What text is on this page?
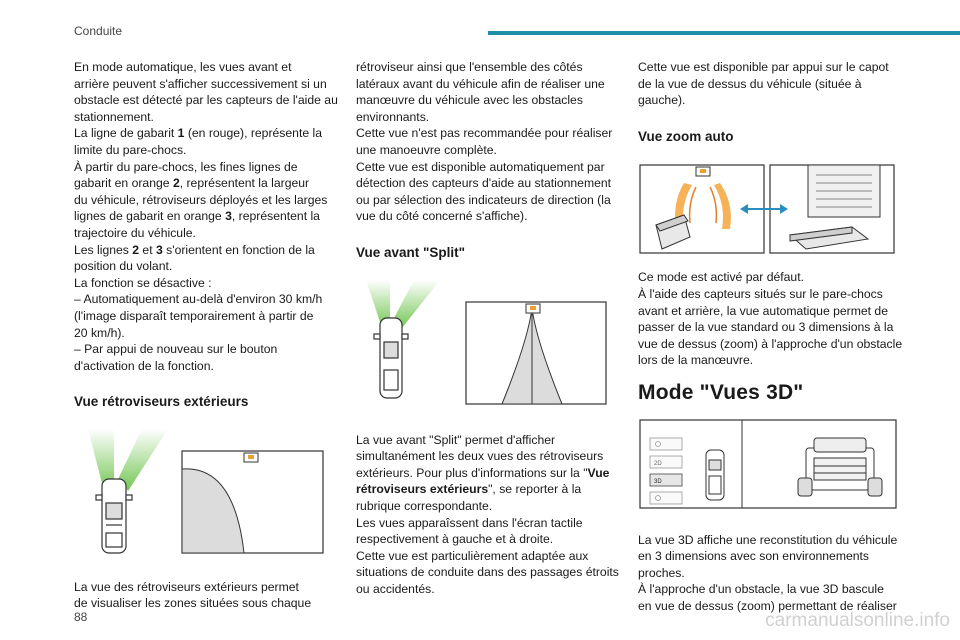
Conduite

En mode automatique, les vues avant et

arrière peuvent s'afficher successivement si un

obstacle est détecté par les capteurs de l'aide au

stationnement.

La ligne de gabarit 1 (en rouge), représente la

limite du pare-chocs.

À partir du pare-chocs, les fines lignes de

gabarit en orange 2, représentent la largeur

du véhicule, rétroviseurs déployés et les larges

lignes de gabarit en orange 3, représentent la

trajectoire du véhicule.

Les lignes 2 et 3 s'orientent en fonction de la

position du volant.

La fonction se désactive :

– Automatiquement au-delà d'environ 30 km/h

(l'image disparaît temporairement à partir de

20 km/h).

– Par appui de nouveau sur le bouton

d'activation de la fonction.

Vue rétroviseurs extérieurs

La vue des rétroviseurs extérieurs permet

de visualiser les zones situées sous chaque

rétroviseur ainsi que l'ensemble des côtés

latéraux avant du véhicule afin de réaliser une

manœuvre du véhicule avec les obstacles

environnants.

Cette vue n'est pas recommandée pour réaliser

une manoeuvre complète.

Cette vue est disponible automatiquement par

détection des capteurs d'aide au stationnement

ou par sélection des indicateurs de direction (la

vue du côté concerné s'affiche).

Vue avant "Split"

La vue avant "Split" permet d'afficher

simultanément les deux vues des rétroviseurs

extérieurs. Pour plus d'informations sur la "Vue

rétroviseurs extérieurs", se reporter à la

rubrique correspondante.

Les vues apparaîssent dans l'écran tactile

respectivement à gauche et à droite.

Cette vue est particulièrement adaptée aux

situations de conduite dans des passages étroits

ou accidentés.

Cette vue est disponible par appui sur le capot

de la vue de dessus du véhicule (située à

gauche).

Vue zoom auto

Ce mode est activé par défaut.

À l'aide des capteurs situés sur le pare-chocs

avant et arrière, la vue automatique permet de

passer de la vue standard ou 3 dimensions à la

vue de dessus (zoom) à l'approche d'un obstacle

lors de la manœuvre.

Mode "Vues 3D"
2D
3D

La vue 3D affiche une reconstitution du véhicule

en 3 dimensions avec son environnements

proches.

À l'approche d'un obstacle, la vue 3D bascule

en vue de dessus (zoom) permettant de réaliser

88	carmanualsonline.info
